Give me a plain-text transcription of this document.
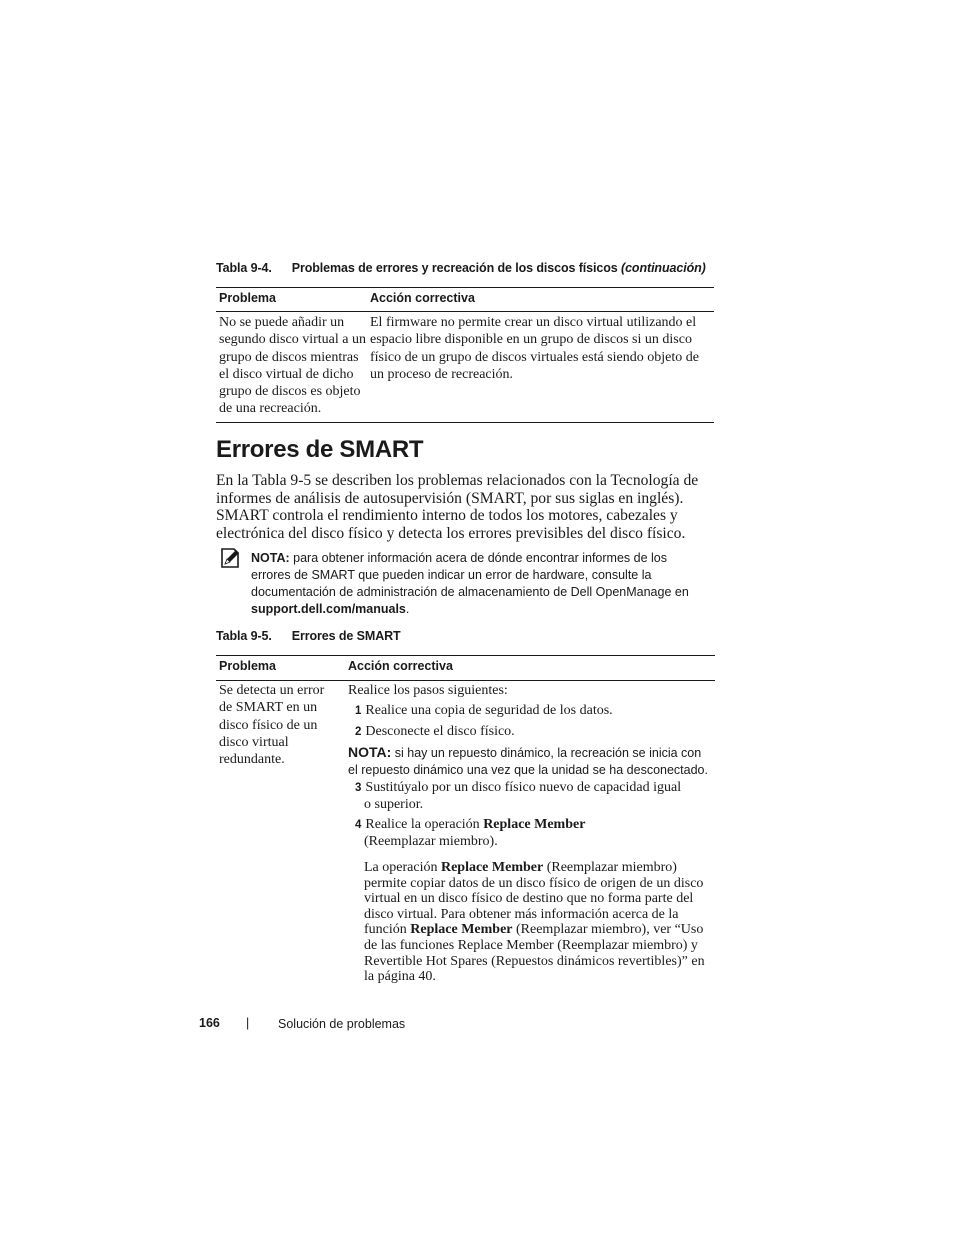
Tabla 9-4. Problemas de errores y recreación de los discos físicos (continuación)
Problema	Acción correctiva
No se puede añadir un
segundo disco virtual a un
grupo de discos mientras
el disco virtual de dicho
grupo de discos es objeto
de una recreación.
El firmware no permite crear un disco virtual utilizando el
espacio libre disponible en un grupo de discos si un disco
físico de un grupo de discos virtuales está siendo objeto de
un proceso de recreación.
Errores de SMART
En la Tabla 9-5 se describen los problemas relacionados con la Tecnología de
informes de análisis de autosupervisión (SMART, por sus siglas en inglés).
SMART controla el rendimiento interno de todos los motores, cabezales y
electrónica del disco físico y detecta los errores previsibles del disco físico.
NOTA: para obtener información acera de dónde encontrar informes de los
errores de SMART que pueden indicar un error de hardware, consulte la
documentación de administración de almacenamiento de Dell OpenManage en
support.dell.com/manuals.
Tabla 9-5. Errores de SMART
Problema	Acción correctiva
Se detecta un error
de SMART en un
disco físico de un
disco virtual
redundante.
Realice los pasos siguientes:
1 Realice una copia de seguridad de los datos.
2 Desconecte el disco físico.
NOTA: si hay un repuesto dinámico, la recreación se inicia con
el repuesto dinámico una vez que la unidad se ha desconectado.
3 Sustitúyalo por un disco físico nuevo de capacidad igual
o superior.
4 Realice la operación Replace Member
(Reemplazar miembro).
La operación Replace Member (Reemplazar miembro)
permite copiar datos de un disco físico de origen de un disco
virtual en un disco físico de destino que no forma parte del
disco virtual. Para obtener más información acerca de la
función Replace Member (Reemplazar miembro), ver “Uso
de las funciones Replace Member (Reemplazar miembro) y
Revertible Hot Spares (Repuestos dinámicos revertibles)” en
la página 40.
166 | Solución de problemas
